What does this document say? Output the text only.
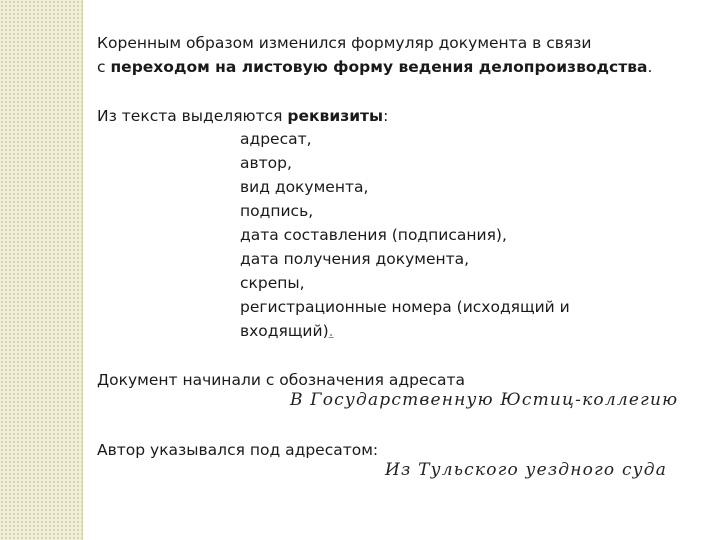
Коренным образом изменился формуляр документа в связи
с переходом на листовую форму ведения делопроизводства.
Из текста выделяются реквизиты:
адресат,
автор,
вид документа,
подпись,
дата составления (подписания),
дата получения документа,
скрепы,
регистрационные номера (исходящий и
входящий).
Документ начинали с обозначения адресата
В Государственную Юстиц-коллегию
Автор указывался под адресатом:
Из Тульского уездного суда
